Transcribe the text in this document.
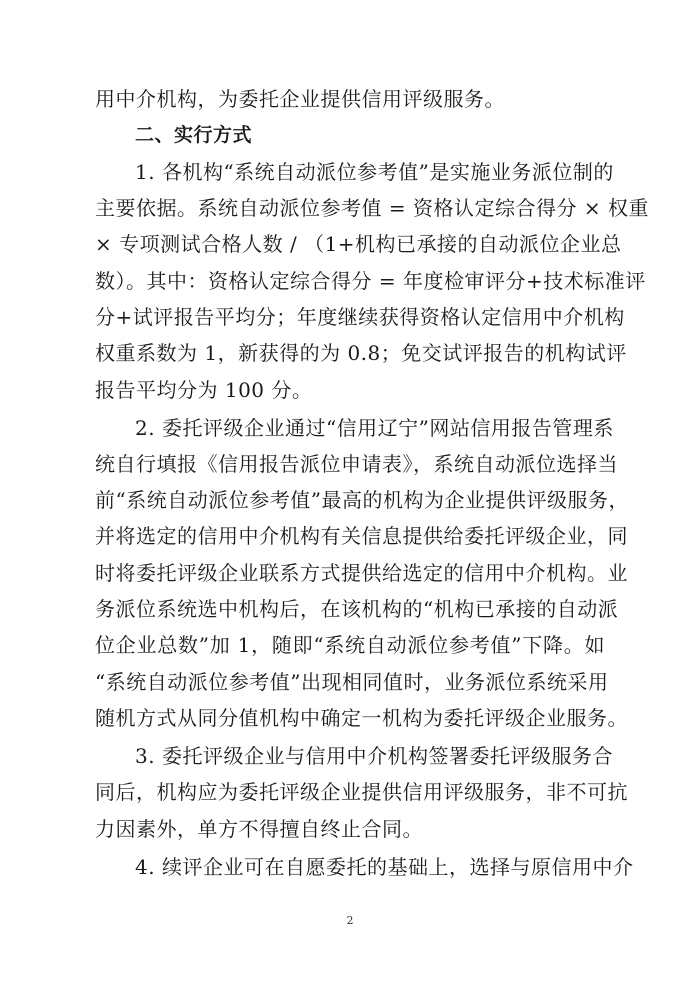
用中介机构，为委托企业提供信用评级服务。
二、实行方式
1. 各机构“系统自动派位参考值”是实施业务派位制的
主要依据。系统自动派位参考值 = 资格认定综合得分 × 权重
× 专项测试合格人数 / （1+机构已承接的自动派位企业总
数）。其中：资格认定综合得分 = 年度检审评分+技术标准评
分+试评报告平均分；年度继续获得资格认定信用中介机构
权重系数为 1，新获得的为 0.8；免交试评报告的机构试评
报告平均分为 100 分。
2. 委托评级企业通过“信用辽宁”网站信用报告管理系
统自行填报《信用报告派位申请表》，系统自动派位选择当
前“系统自动派位参考值”最高的机构为企业提供评级服务，
并将选定的信用中介机构有关信息提供给委托评级企业，同
时将委托评级企业联系方式提供给选定的信用中介机构。业
务派位系统选中机构后，在该机构的“机构已承接的自动派
位企业总数”加 1，随即“系统自动派位参考值”下降。如
“系统自动派位参考值”出现相同值时，业务派位系统采用
随机方式从同分值机构中确定一机构为委托评级企业服务。
3. 委托评级企业与信用中介机构签署委托评级服务合
同后，机构应为委托评级企业提供信用评级服务，非不可抗
力因素外，单方不得擅自终止合同。
4. 续评企业可在自愿委托的基础上，选择与原信用中介
2
